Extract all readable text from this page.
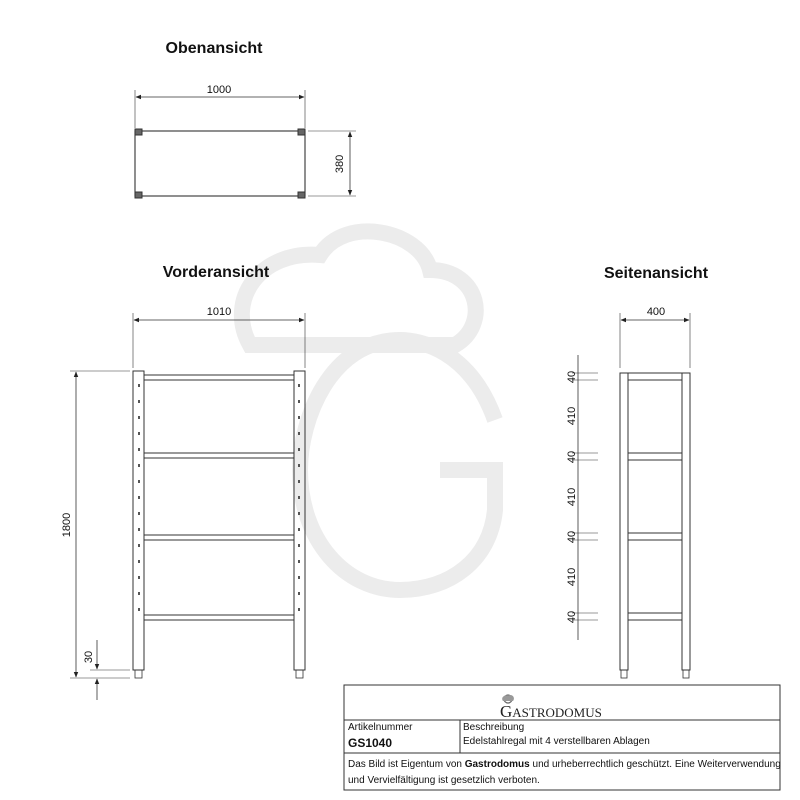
Obenansicht
1000
380
Vorderansicht
1010
1800
30
Seitenansicht
400
40
410
40
410
40
410
40
GASTRODOMUS
Artikelnummer
GS1040
Beschreibung
Edelstahlregal mit 4 verstellbaren Ablagen
Das Bild ist Eigentum von Gastrodomus und urheberrechtlich geschützt. Eine Weiterverwendung
und Vervielfältigung ist gesetzlich verboten.
